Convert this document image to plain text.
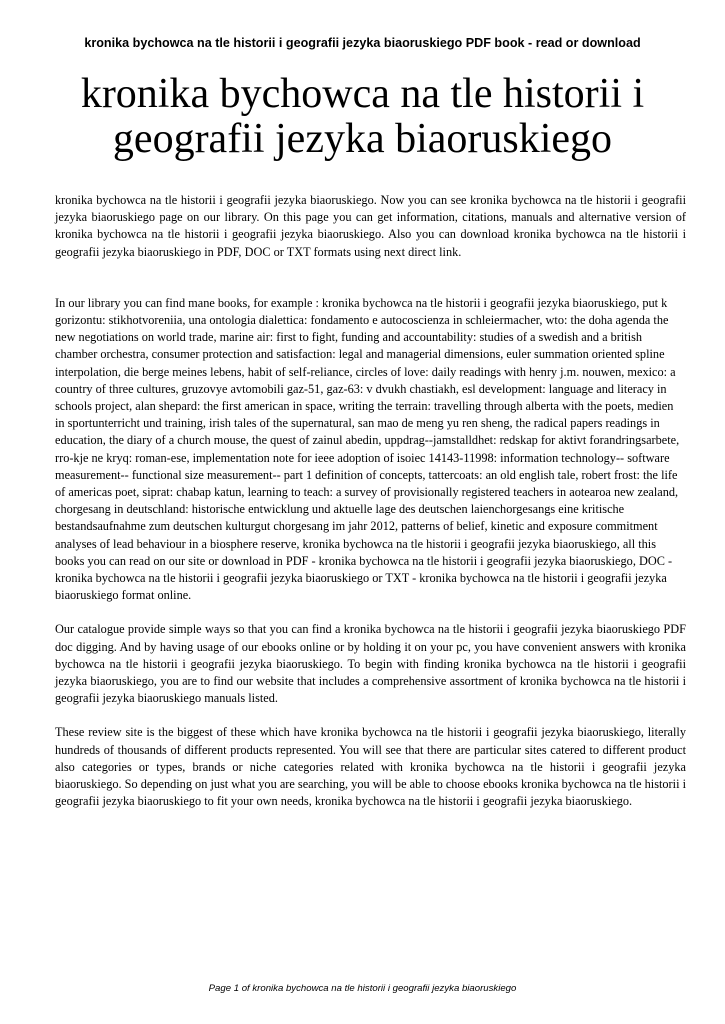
kronika bychowca na tle historii i geografii jezyka biaoruskiego PDF book - read or download
kronika bychowca na tle historii i geografii jezyka biaoruskiego

kronika bychowca na tle historii i geografii jezyka biaoruskiego. Now you can see kronika bychowca na tle historii i geografii jezyka biaoruskiego page on our library. On this page you can get information, citations, manuals and alternative version of kronika bychowca na tle historii i geografii jezyka biaoruskiego. Also you can download kronika bychowca na tle historii i geografii jezyka biaoruskiego in PDF, DOC or TXT formats using next direct link.

In our library you can find mane books, for example : kronika bychowca na tle historii i geografii jezyka biaoruskiego, put k gorizontu: stikhotvoreniia, una ontologia dialettica: fondamento e autocoscienza in schleiermacher, wto: the doha agenda the new negotiations on world trade, marine air: first to fight, funding and accountability: studies of a swedish and a british chamber orchestra, consumer protection and satisfaction: legal and managerial dimensions, euler summation oriented spline interpolation, die berge meines lebens, habit of self-reliance, circles of love: daily readings with henry j.m. nouwen, mexico: a country of three cultures, gruzovye avtomobili gaz-51, gaz-63: v dvukh chastiakh, esl development: language and literacy in schools project, alan shepard: the first american in space, writing the terrain: travelling through alberta with the poets, medien in sportunterricht und training, irish tales of the supernatural, san mao de meng yu ren sheng, the radical papers readings in education, the diary of a church mouse, the quest of zainul abedin, uppdrag--jamstalldhet: redskap for aktivt forandringsarbete, rro-kje ne kryq: roman-ese, implementation note for ieee adoption of isoiec 14143-11998: information technology-- software measurement-- functional size measurement-- part 1 definition of concepts, tattercoats: an old english tale, robert frost: the life of americas poet, siprat: chabap katun, learning to teach: a survey of provisionally registered teachers in aotearoa new zealand, chorgesang in deutschland: historische entwicklung und aktuelle lage des deutschen laienchorgesangs eine kritische bestandsaufnahme zum deutschen kulturgut chorgesang im jahr 2012, patterns of belief, kinetic and exposure commitment analyses of lead behaviour in a biosphere reserve, kronika bychowca na tle historii i geografii jezyka biaoruskiego, all this books you can read on our site or download in PDF - kronika bychowca na tle historii i geografii jezyka biaoruskiego, DOC - kronika bychowca na tle historii i geografii jezyka biaoruskiego or TXT - kronika bychowca na tle historii i geografii jezyka biaoruskiego format online.

Our catalogue provide simple ways so that you can find a kronika bychowca na tle historii i geografii jezyka biaoruskiego PDF doc digging. And by having usage of our ebooks online or by holding it on your pc, you have convenient answers with kronika bychowca na tle historii i geografii jezyka biaoruskiego. To begin with finding kronika bychowca na tle historii i geografii jezyka biaoruskiego, you are to find our website that includes a comprehensive assortment of kronika bychowca na tle historii i geografii jezyka biaoruskiego manuals listed.

These review site is the biggest of these which have kronika bychowca na tle historii i geografii jezyka biaoruskiego, literally hundreds of thousands of different products represented. You will see that there are particular sites catered to different product also categories or types, brands or niche categories related with kronika bychowca na tle historii i geografii jezyka biaoruskiego. So depending on just what you are searching, you will be able to choose ebooks kronika bychowca na tle historii i geografii jezyka biaoruskiego to fit your own needs, kronika bychowca na tle historii i geografii jezyka biaoruskiego.

Page 1 of kronika bychowca na tle historii i geografii jezyka biaoruskiego
